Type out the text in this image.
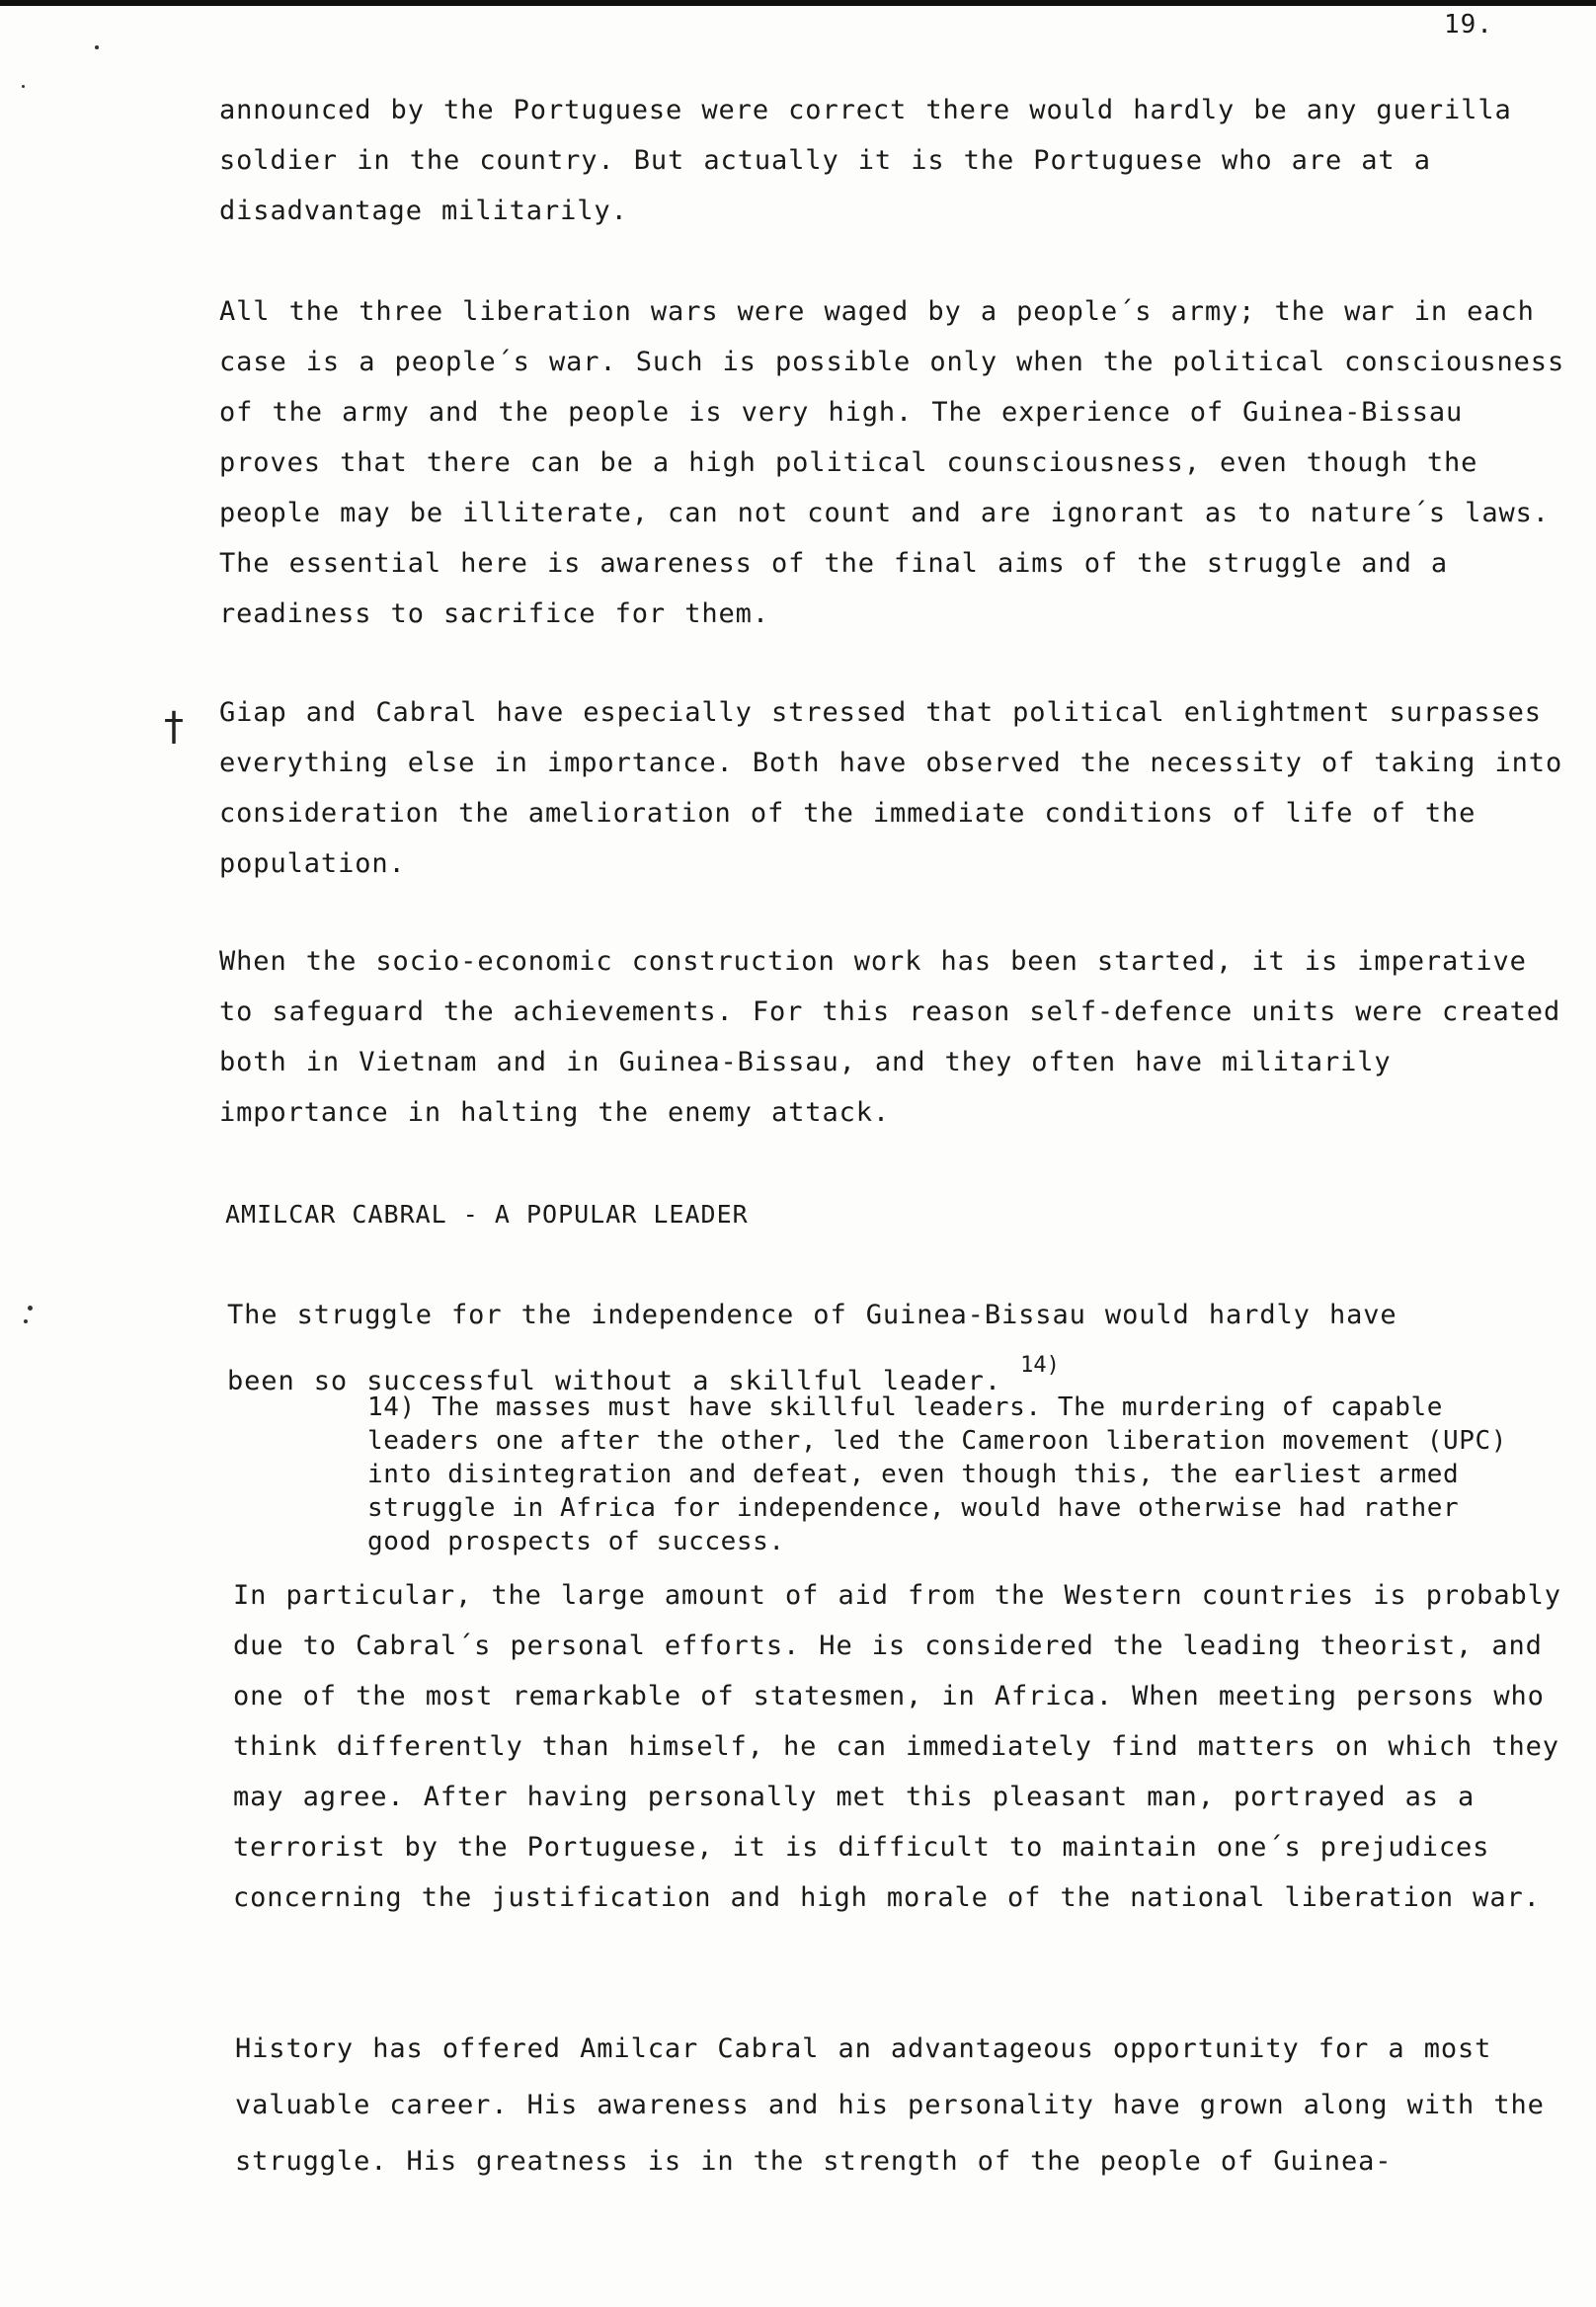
19.
†

announced by the Portuguese were correct there would hardly be any guerilla soldier in the country. But actually it is the Portuguese who are at a disadvantage militarily.

All the three liberation wars were waged by a people´s army; the war in each case is a people´s war. Such is possible only when the political consciousness of the army and the people is very high. The experience of Guinea-Bissau proves that there can be a high political counsciousness, even though the people may be illiterate, can not count and are ignorant as to nature´s laws. The essential here is awareness of the final aims of the struggle and a readiness to sacrifice for them.

Giap and Cabral have especially stressed that political enlightment surpasses everything else in importance. Both have observed the necessity of taking into consideration the amelioration of the immediate conditions of life of the population.

When the socio-economic construction work has been started, it is imperative to safeguard the achievements. For this reason self-defence units were created both in Vietnam and in Guinea-Bissau, and they often have militarily importance in halting the enemy attack.

AMILCAR CABRAL - A POPULAR LEADER

The struggle for the independence of Guinea-Bissau would hardly have been so successful without a skillful leader. $^{14)}$

14) The masses must have skillful leaders. The murdering of capable leaders one after the other, led the Cameroon liberation movement (UPC) into disintegration and defeat, even though this, the earliest armed struggle in Africa for independence, would have otherwise had rather good prospects of success.

In particular, the large amount of aid from the Western countries is probably due to Cabral´s personal efforts. He is considered the leading theorist, and one of the most remarkable of statesmen, in Africa. When meeting persons who think differently than himself, he can immediately find matters on which they may agree. After having personally met this pleasant man, portrayed as a terrorist by the Portuguese, it is difficult to maintain one´s prejudices concerning the justification and high morale of the national liberation war.

History has offered Amilcar Cabral an advantageous opportunity for a most valuable career. His awareness and his personality have grown along with the struggle. His greatness is in the strength of the people of Guinea-
